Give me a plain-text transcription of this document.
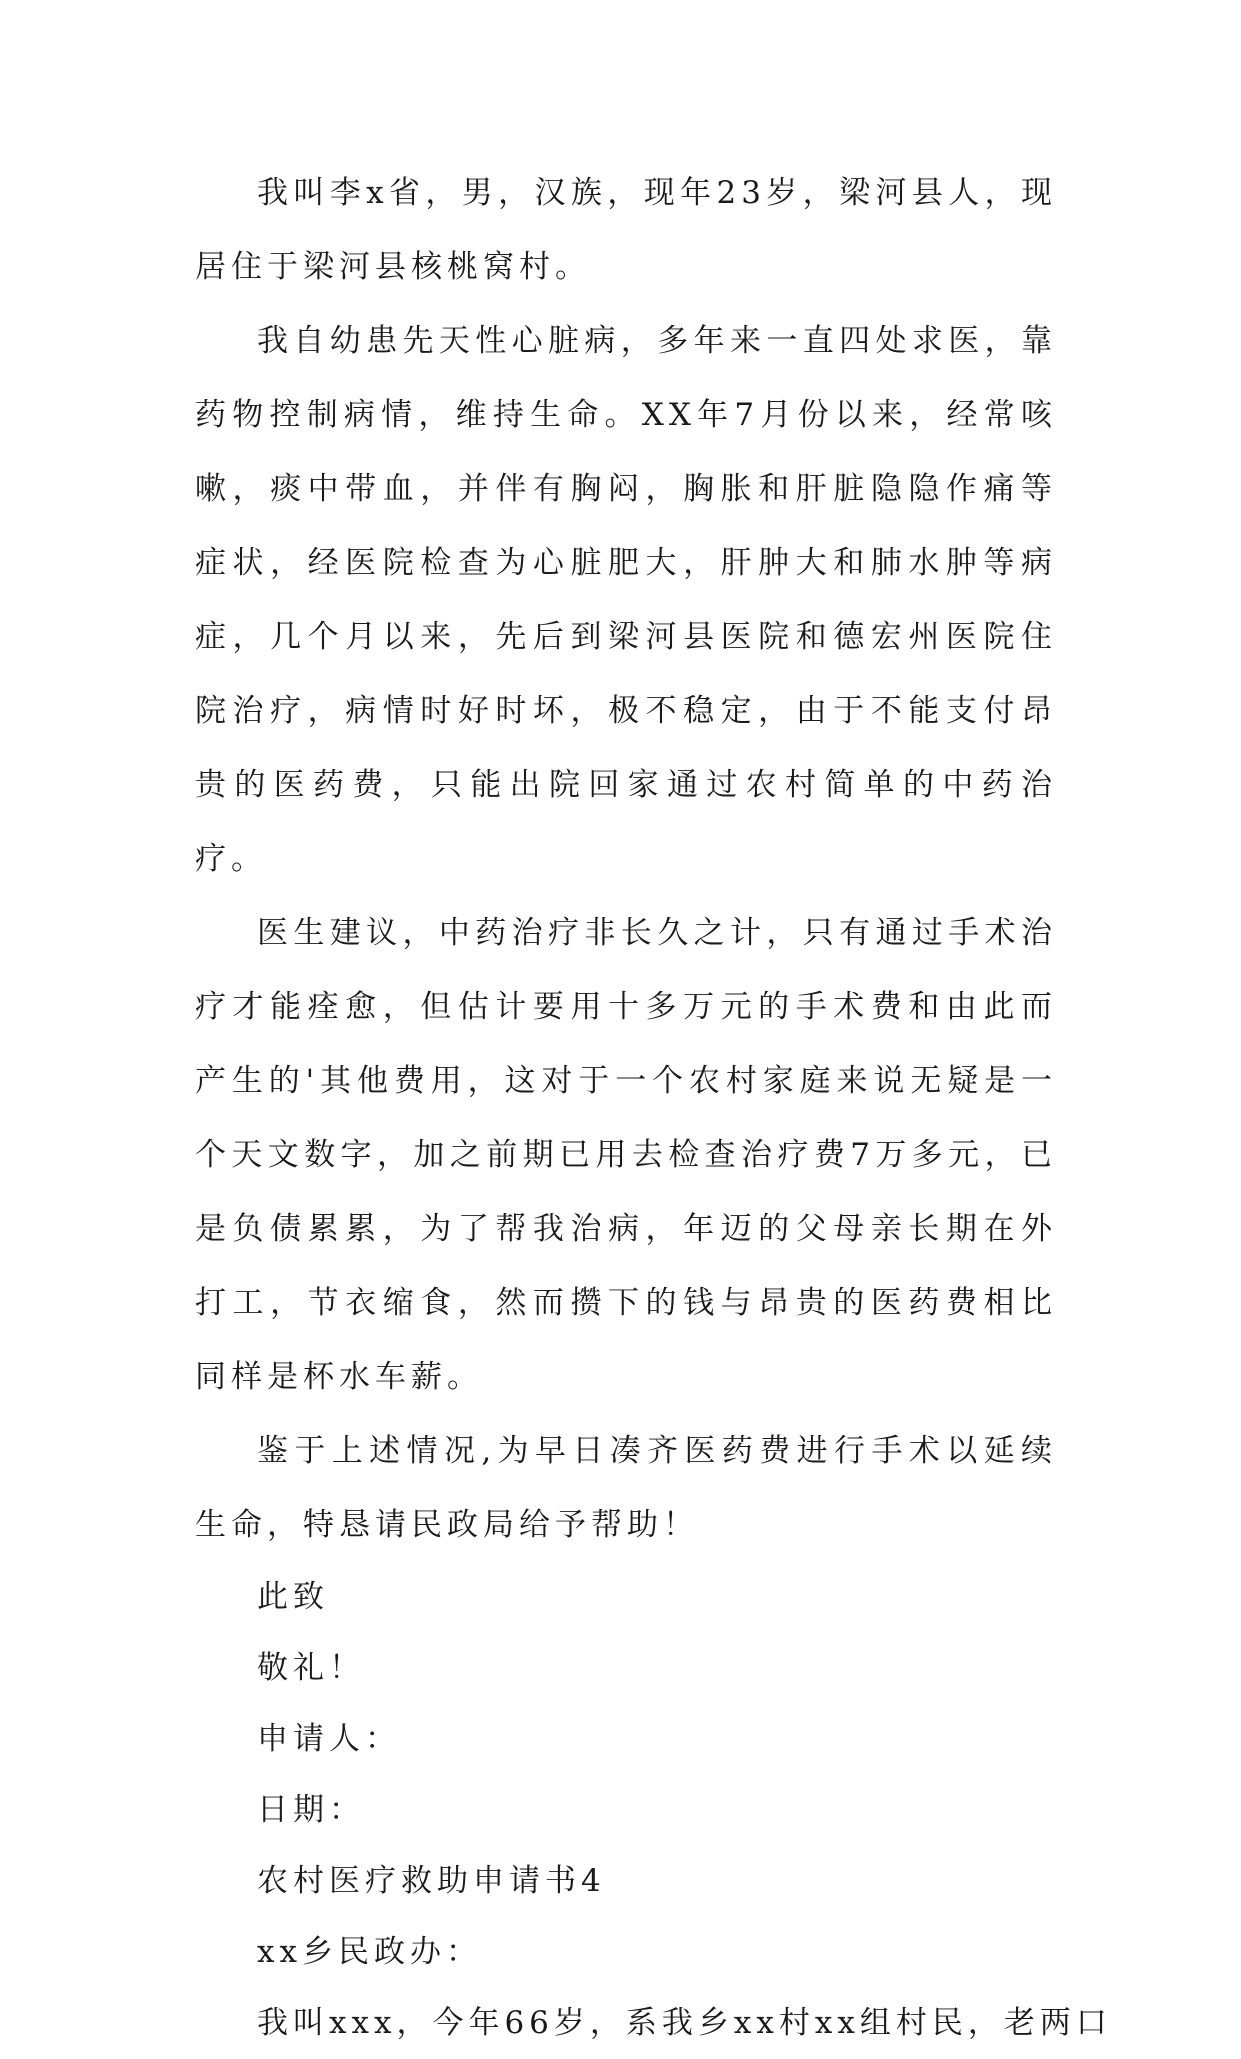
我叫李x省，男，汉族，现年23岁，梁河县人，现居住于梁河县核桃窝村。

我自幼患先天性心脏病，多年来一直四处求医，靠药物控制病情，维持生命。XX年7月份以来，经常咳嗽，痰中带血，并伴有胸闷，胸胀和肝脏隐隐作痛等症状，经医院检查为心脏肥大，肝肿大和肺水肿等病症，几个月以来，先后到梁河县医院和德宏州医院住院治疗，病情时好时坏，极不稳定，由于不能支付昂贵的医药费，只能出院回家通过农村简单的中药治疗。

医生建议，中药治疗非长久之计，只有通过手术治疗才能痊愈，但估计要用十多万元的手术费和由此而产生的'其他费用，这对于一个农村家庭来说无疑是一个天文数字，加之前期已用去检查治疗费7万多元，已是负债累累，为了帮我治病，年迈的父母亲长期在外打工，节衣缩食，然而攒下的钱与昂贵的医药费相比同样是杯水车薪。

鉴于上述情况,为早日凑齐医药费进行手术以延续生命，特恳请民政局给予帮助！

此致

敬礼！

申请人：

日期：

农村医疗救助申请书4

xx乡民政办：

我叫xxx，今年66岁，系我乡xx村xx组村民，老两口
